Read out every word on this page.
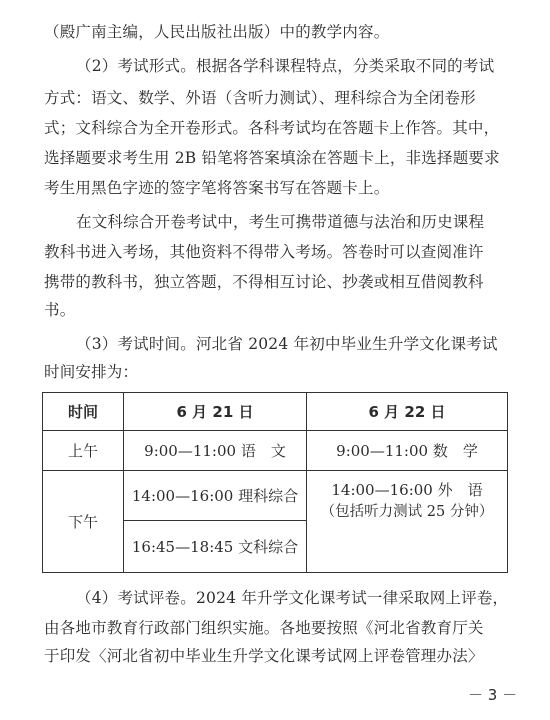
（殿广南主编，人民出版社出版）中的教学内容。

（2）考试形式。根据各学科课程特点，分类采取不同的考试

方式：语文、数学、外语（含听力测试）、理科综合为全闭卷形

式；文科综合为全开卷形式。各科考试均在答题卡上作答。其中，

选择题要求考生用 2B 铅笔将答案填涂在答题卡上，非选择题要求

考生用黑色字迹的签字笔将答案书写在答题卡上。

在文科综合开卷考试中，考生可携带道德与法治和历史课程

教科书进入考场，其他资料不得带入考场。答卷时可以查阅准许

携带的教科书，独立答题，不得相互讨论、抄袭或相互借阅教科

书。

（3）考试时间。河北省 2024 年初中毕业生升学文化课考试

时间安排为：

时间	6 月 21 日	6 月 22 日
上午	9:00—11:00 语　文	9:00—11:00 数　学
下午	14:00—16:00 理科综合	14:00—16:00 外　语
（包括听力测试 25 分钟）

	16:45—18:45 文科综合	

（4）考试评卷。2024 年升学文化课考试一律采取网上评卷，

由各地市教育行政部门组织实施。各地要按照《河北省教育厅关

于印发〈河北省初中毕业生升学文化课考试网上评卷管理办法〉

－ 3 －
